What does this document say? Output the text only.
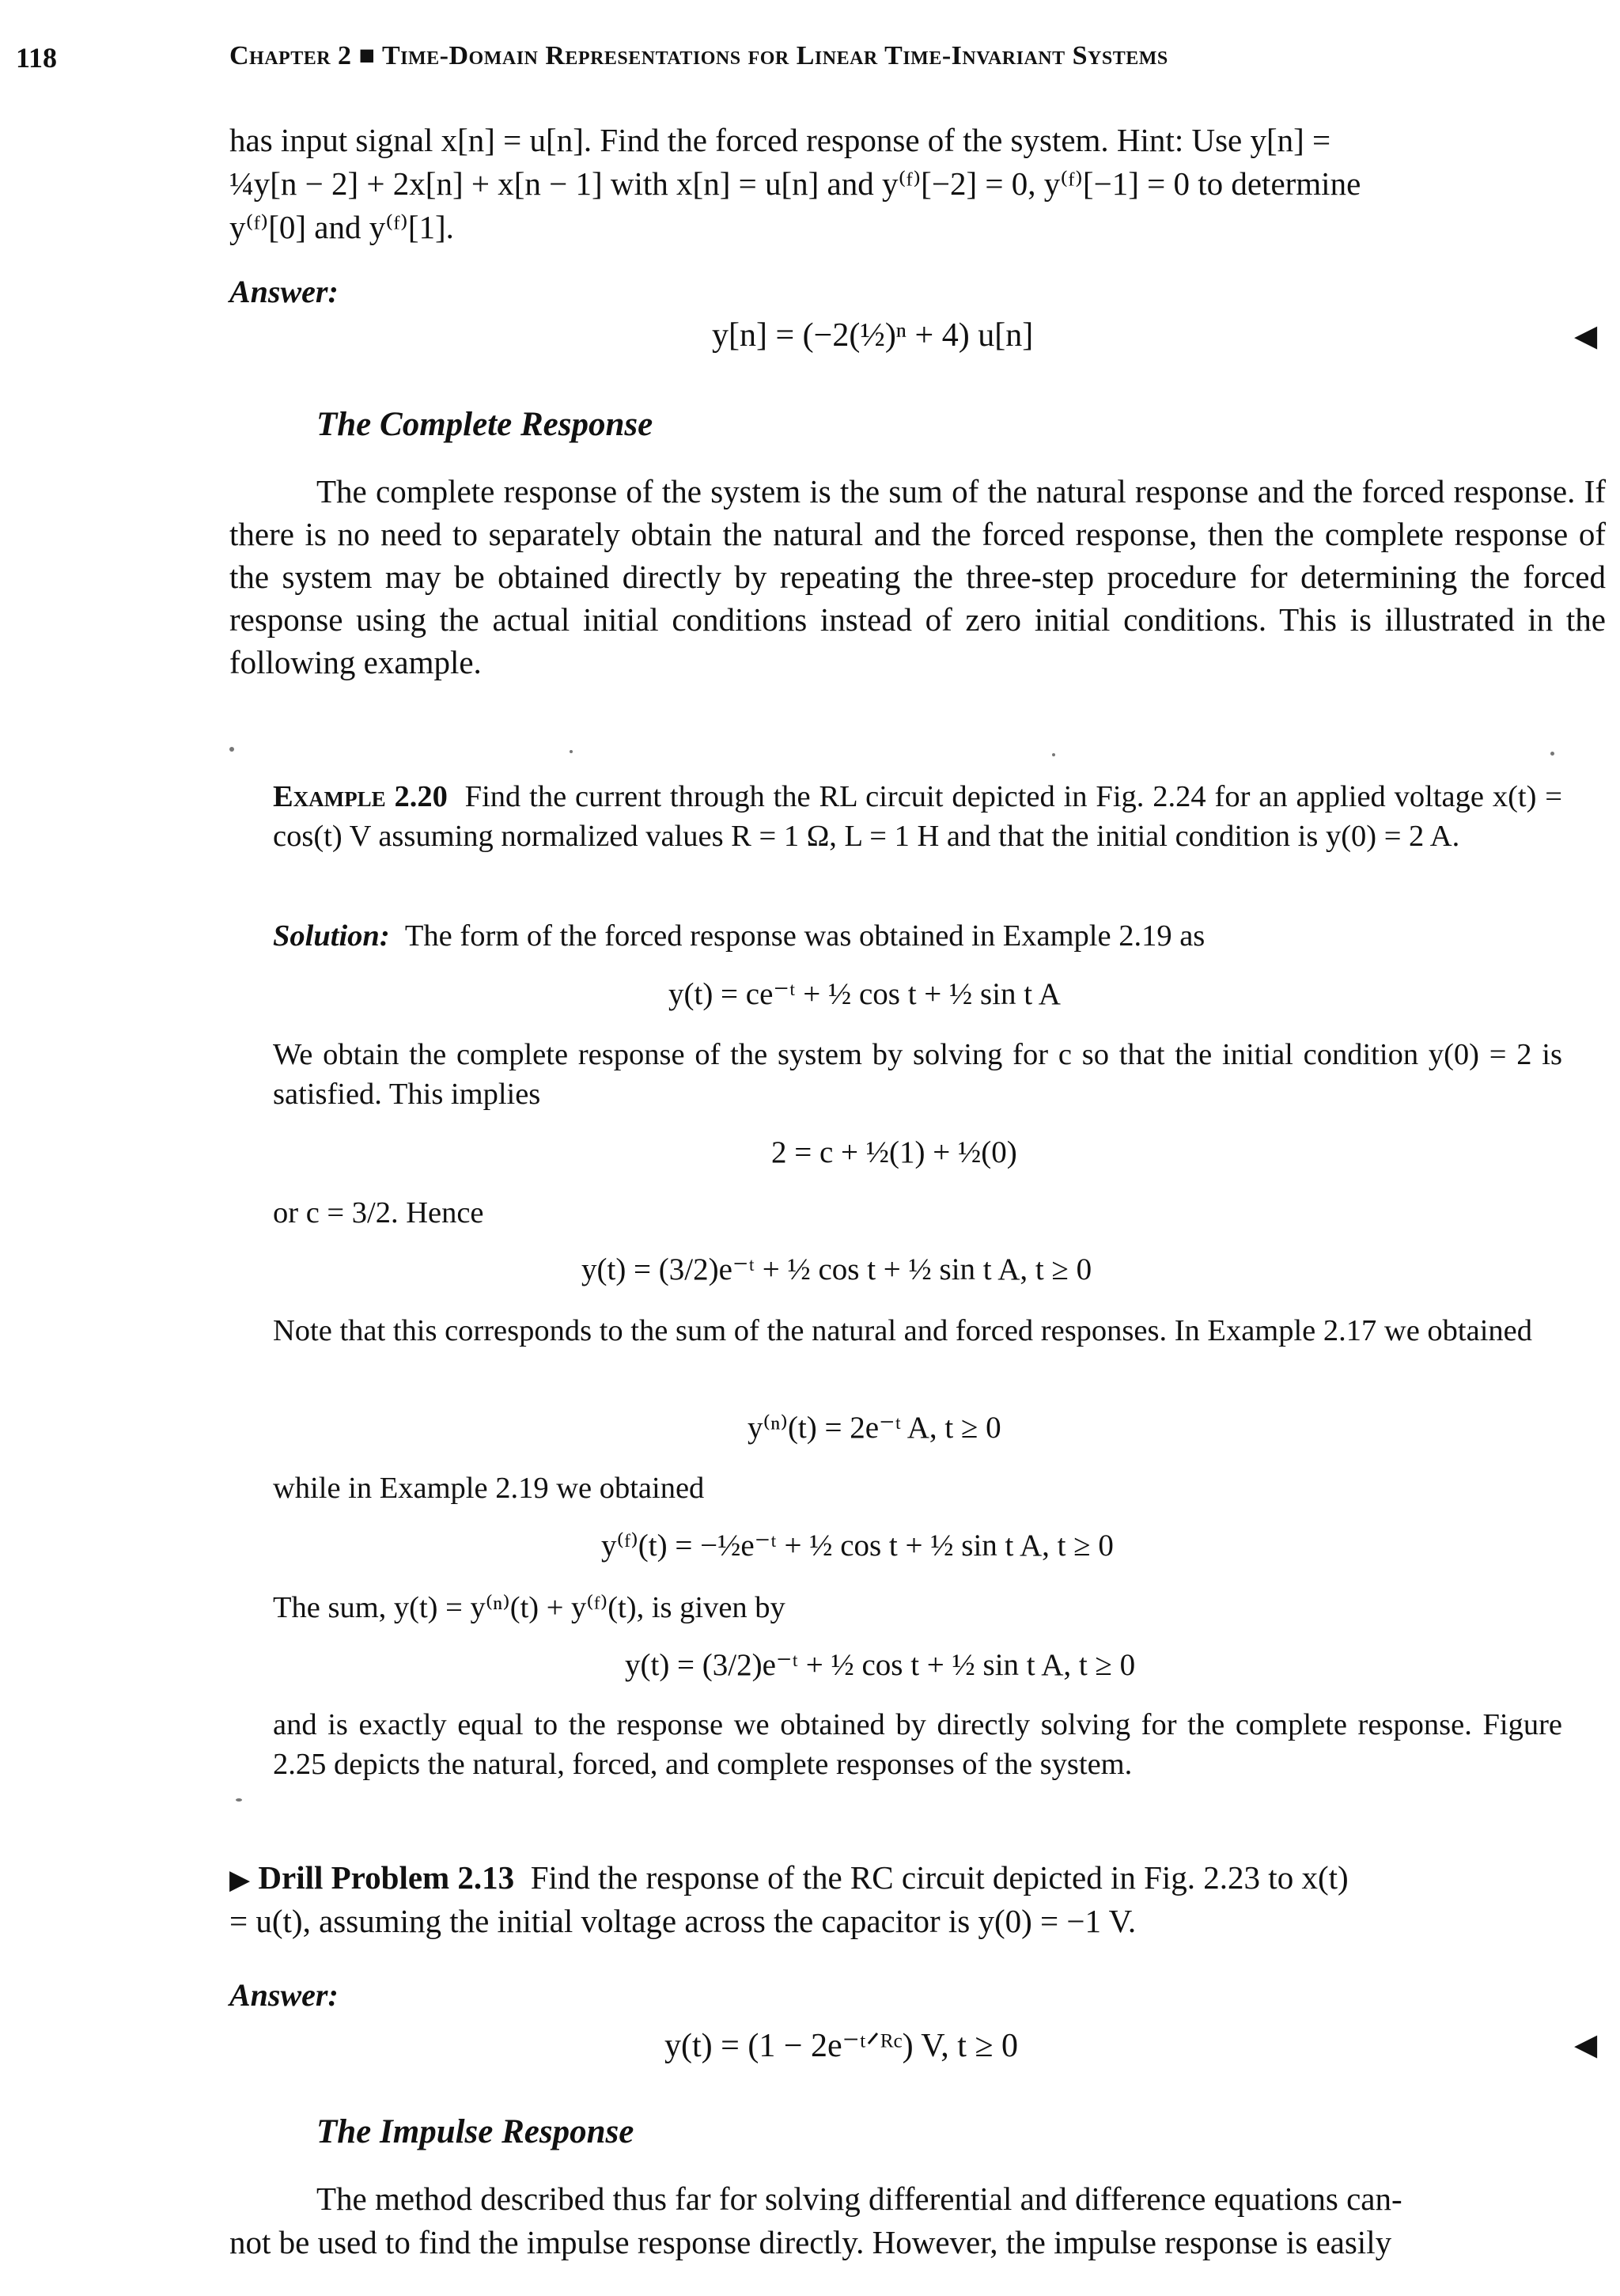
118	Chapter 2 ■ Time-Domain Representations for Linear Time-Invariant Systems
has input signal x[n] = u[n]. Find the forced response of the system. Hint: Use y[n] =
¼y[n − 2] + 2x[n] + x[n − 1] with x[n] = u[n] and y⁽ᶠ⁾[−2] = 0, y⁽ᶠ⁾[−1] = 0 to determine
y⁽ᶠ⁾[0] and y⁽ᶠ⁾[1].
Answer:
y[n] = (−2(½)ⁿ + 4) u[n]	◀
The Complete Response
The complete response of the system is the sum of the natural response and the forced response. If there is no need to separately obtain the natural and the forced response, then the complete response of the system may be obtained directly by repeating the three-step procedure for determining the forced response using the actual initial conditions instead of zero initial conditions. This is illustrated in the following example.
Example 2.20 Find the current through the RL circuit depicted in Fig. 2.24 for an applied voltage x(t) = cos(t) V assuming normalized values R = 1 Ω, L = 1 H and that the initial condition is y(0) = 2 A.
Solution: The form of the forced response was obtained in Example 2.19 as
y(t) = ce⁻ᵗ + ½ cos t + ½ sin t A
We obtain the complete response of the system by solving for c so that the initial condition y(0) = 2 is satisfied. This implies
2 = c + ½(1) + ½(0)
or c = 3/2. Hence
y(t) = (3/2)e⁻ᵗ + ½ cos t + ½ sin t A, t ≥ 0
Note that this corresponds to the sum of the natural and forced responses. In Example 2.17 we obtained
y⁽ⁿ⁾(t) = 2e⁻ᵗ A, t ≥ 0
while in Example 2.19 we obtained
y⁽ᶠ⁾(t) = −½e⁻ᵗ + ½ cos t + ½ sin t A, t ≥ 0
The sum, y(t) = y⁽ⁿ⁾(t) + y⁽ᶠ⁾(t), is given by
y(t) = (3/2)e⁻ᵗ + ½ cos t + ½ sin t A, t ≥ 0
and is exactly equal to the response we obtained by directly solving for the complete response. Figure 2.25 depicts the natural, forced, and complete responses of the system.
▶ Drill Problem 2.13 Find the response of the RC circuit depicted in Fig. 2.23 to x(t)
= u(t), assuming the initial voltage across the capacitor is y(0) = −1 V.
Answer:
y(t) = (1 − 2e⁻ᵗᐟᴿᶜ) V, t ≥ 0	◀
The Impulse Response
The method described thus far for solving differential and difference equations can-
not be used to find the impulse response directly. However, the impulse response is easily
